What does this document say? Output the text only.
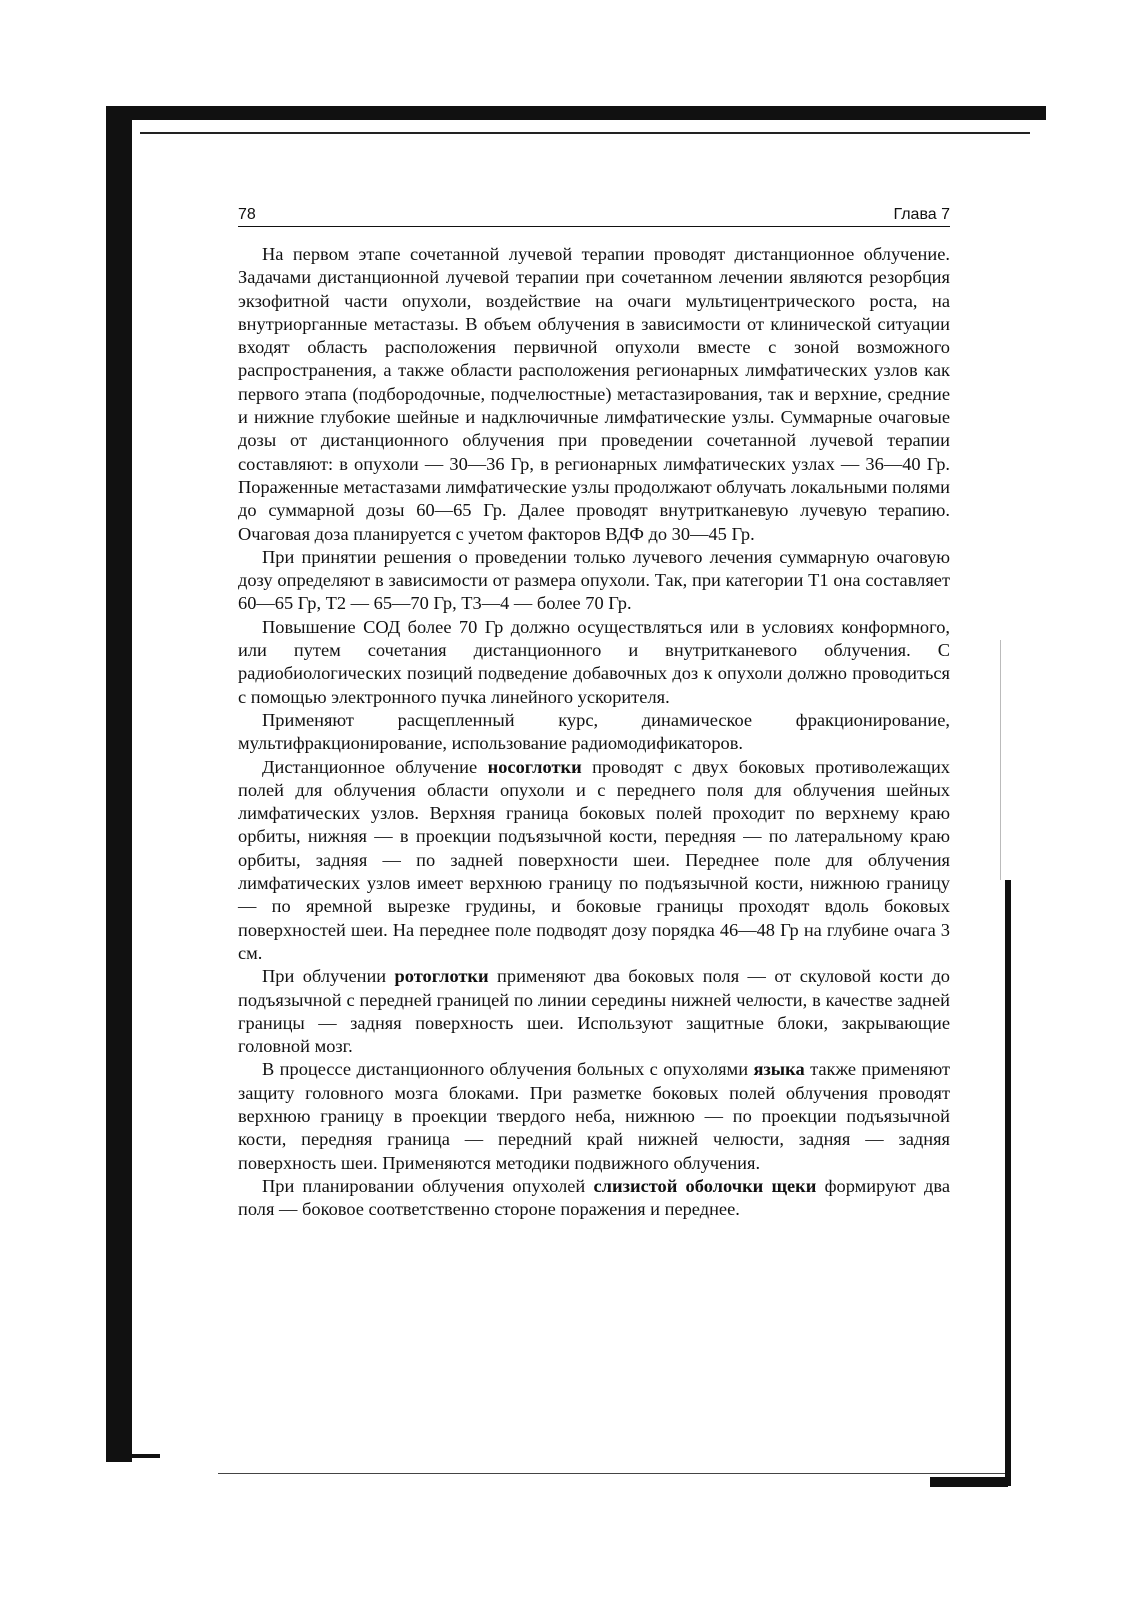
78	Глава 7

На первом этапе сочетанной лучевой терапии проводят дистанционное облучение. Задачами дистанционной лучевой терапии при сочетанном лечении являются резорбция экзофитной части опухоли, воздействие на очаги мультицентрического роста, на внутриорганные метастазы. В объем облучения в зависимости от клинической ситуации входят область расположения первичной опухоли вместе с зоной возможного распространения, а также области расположения регионарных лимфатических узлов как первого этапа (подбородочные, подчелюстные) метастазирования, так и верхние, средние и нижние глубокие шейные и надключичные лимфатические узлы. Суммарные очаговые дозы от дистанционного облучения при проведении сочетанной лучевой терапии составляют: в опухоли — 30—36 Гр, в регионарных лимфатических узлах — 36—40 Гр. Пораженные метастазами лимфатические узлы продолжают облучать локальными полями до суммарной дозы 60—65 Гр. Далее проводят внутритканевую лучевую терапию. Очаговая доза планируется с учетом факторов ВДФ до 30—45 Гр.

При принятии решения о проведении только лучевого лечения суммарную очаговую дозу определяют в зависимости от размера опухоли. Так, при категории Т1 она составляет 60—65 Гр, Т2 — 65—70 Гр, Т3—4 — более 70 Гр.

Повышение СОД более 70 Гр должно осуществляться или в условиях конформного, или путем сочетания дистанционного и внутритканевого облучения. С радиобиологических позиций подведение добавочных доз к опухоли должно проводиться с помощью электронного пучка линейного ускорителя.

Применяют расщепленный курс, динамическое фракционирование, мультифракционирование, использование радиомодификаторов.

Дистанционное облучение носоглотки проводят с двух боковых противолежащих полей для облучения области опухоли и с переднего поля для облучения шейных лимфатических узлов. Верхняя граница боковых полей проходит по верхнему краю орбиты, нижняя — в проекции подъязычной кости, передняя — по латеральному краю орбиты, задняя — по задней поверхности шеи. Переднее поле для облучения лимфатических узлов имеет верхнюю границу по подъязычной кости, нижнюю границу — по яремной вырезке грудины, и боковые границы проходят вдоль боковых поверхностей шеи. На переднее поле подводят дозу порядка 46—48 Гр на глубине очага 3 см.

При облучении ротоглотки применяют два боковых поля — от скуловой кости до подъязычной с передней границей по линии середины нижней челюсти, в качестве задней границы — задняя поверхность шеи. Используют защитные блоки, закрывающие головной мозг.

В процессе дистанционного облучения больных с опухолями языка также применяют защиту головного мозга блоками. При разметке боковых полей облучения проводят верхнюю границу в проекции твердого неба, нижнюю — по проекции подъязычной кости, передняя граница — передний край нижней челюсти, задняя — задняя поверхность шеи. Применяются методики подвижного облучения.

При планировании облучения опухолей слизистой оболочки щеки формируют два поля — боковое соответственно стороне поражения и переднее.
